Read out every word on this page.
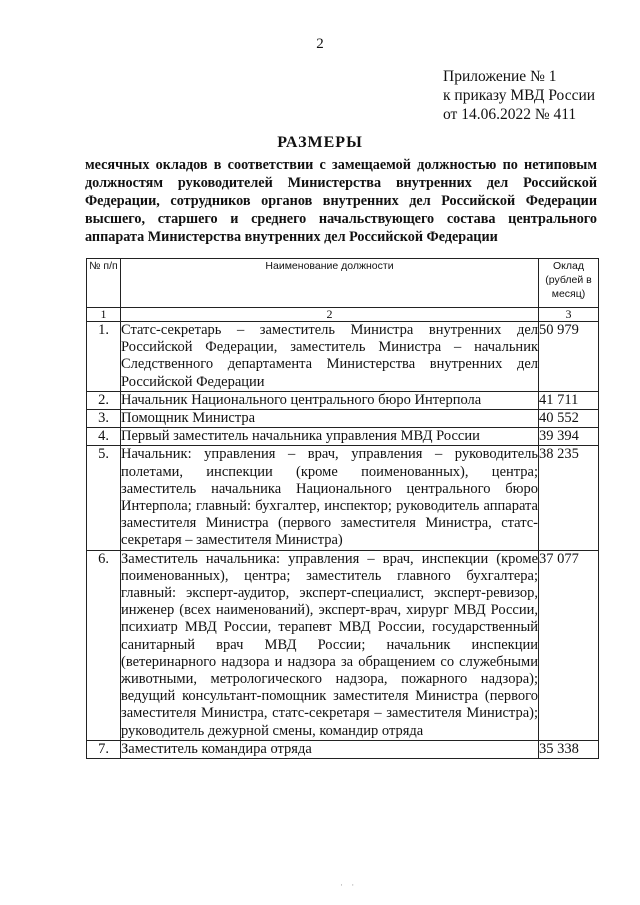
2
Приложение № 1
к приказу МВД России
от 14.06.2022 № 411
РАЗМЕРЫ
месячных окладов в соответствии с замещаемой должностью по нетиповым должностям руководителей Министерства внутренних дел Российской Федерации, сотрудников органов внутренних дел Российской Федерации высшего, старшего и среднего начальствующего состава центрального аппарата Министерства внутренних дел Российской Федерации
№ п/п	Наименование должности	Оклад (рублей в месяц)
1	2	3
1.	Статс-секретарь – заместитель Министра внутренних дел Российской Федерации, заместитель Министра – начальник Следственного департамента Министерства внутренних дел Российской Федерации	50 979
2.	Начальник Национального центрального бюро Интерпола	41 711
3.	Помощник Министра	40 552
4.	Первый заместитель начальника управления МВД России	39 394
5.	Начальник: управления – врач, управления – руководитель полетами, инспекции (кроме поименованных), центра; заместитель начальника Национального центрального бюро Интерпола; главный: бухгалтер, инспектор; руководитель аппарата заместителя Министра (первого заместителя Министра, статс-секретаря – заместителя Министра)	38 235
6.	Заместитель начальника: управления – врач, инспекции (кроме поименованных), центра; заместитель главного бухгалтера; главный: эксперт-аудитор, эксперт-специалист, эксперт-ревизор, инженер (всех наименований), эксперт-врач, хирург МВД России, психиатр МВД России, терапевт МВД России, государственный санитарный врач МВД России; начальник инспекции (ветеринарного надзора и надзора за обращением со служебными животными, метрологического надзора, пожарного надзора); ведущий консультант-помощник заместителя Министра (первого заместителя Министра, статс-секретаря – заместителя Министра); руководитель дежурной смены, командир отряда	37 077
7.	Заместитель командира отряда	35 338
· ·
